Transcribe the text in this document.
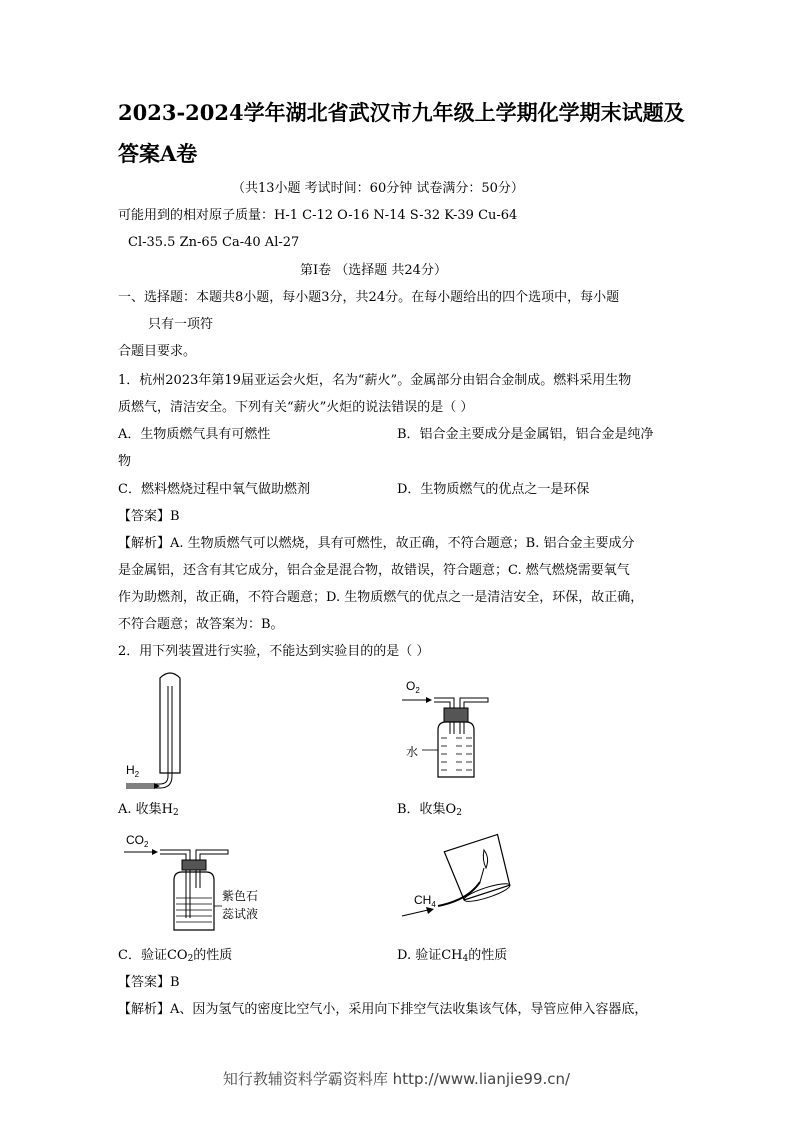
2023-2024学年湖北省武汉市九年级上学期化学期末试题及答案A卷
（共13小题 考试时间：60分钟 试卷满分：50分）
可能用到的相对原子质量：H-1 C-12 O-16 N-14 S-32 K-39 Cu-64
Cl-35.5 Zn-65 Ca-40 Al-27
第Ⅰ卷 （选择题 共24分）
一、选择题：本题共8小题，每小题3分，共24分。在每小题给出的四个选项中，每小题
只有一项符
合题目要求。
1．杭州2023年第19届亚运会火炬，名为“薪火”。金属部分由铝合金制成。燃料采用生物
质燃气，清洁安全。下列有关“薪火”火炬的说法错误的是（ ）
A．生物质燃气具有可燃性	B．铝合金主要成分是金属铝，铝合金是纯净
物
C．燃料燃烧过程中氧气做助燃剂	D．生物质燃气的优点之一是环保
【答案】B
【解析】A. 生物质燃气可以燃烧，具有可燃性，故正确，不符合题意；B. 铝合金主要成分
是金属铝，还含有其它成分，铝合金是混合物，故错误，符合题意；C. 燃气燃烧需要氧气
作为助燃剂，故正确，不符合题意；D. 生物质燃气的优点之一是清洁安全，环保，故正确，
不符合题意；故答案为：B。
2．用下列装置进行实验，不能达到实验目的的是（ ）
$H_2$
$O_2$
水
A. 收集H2	B．收集O2
$CO_2$
紫色石
蕊试液
$CH_4$
C．验证CO2的性质	D. 验证CH4的性质
【答案】B
【解析】A、因为氢气的密度比空气小，采用向下排空气法收集该气体，导管应伸入容器底，
知行教辅资料学霸资料库 http://www.lianjie99.cn/
